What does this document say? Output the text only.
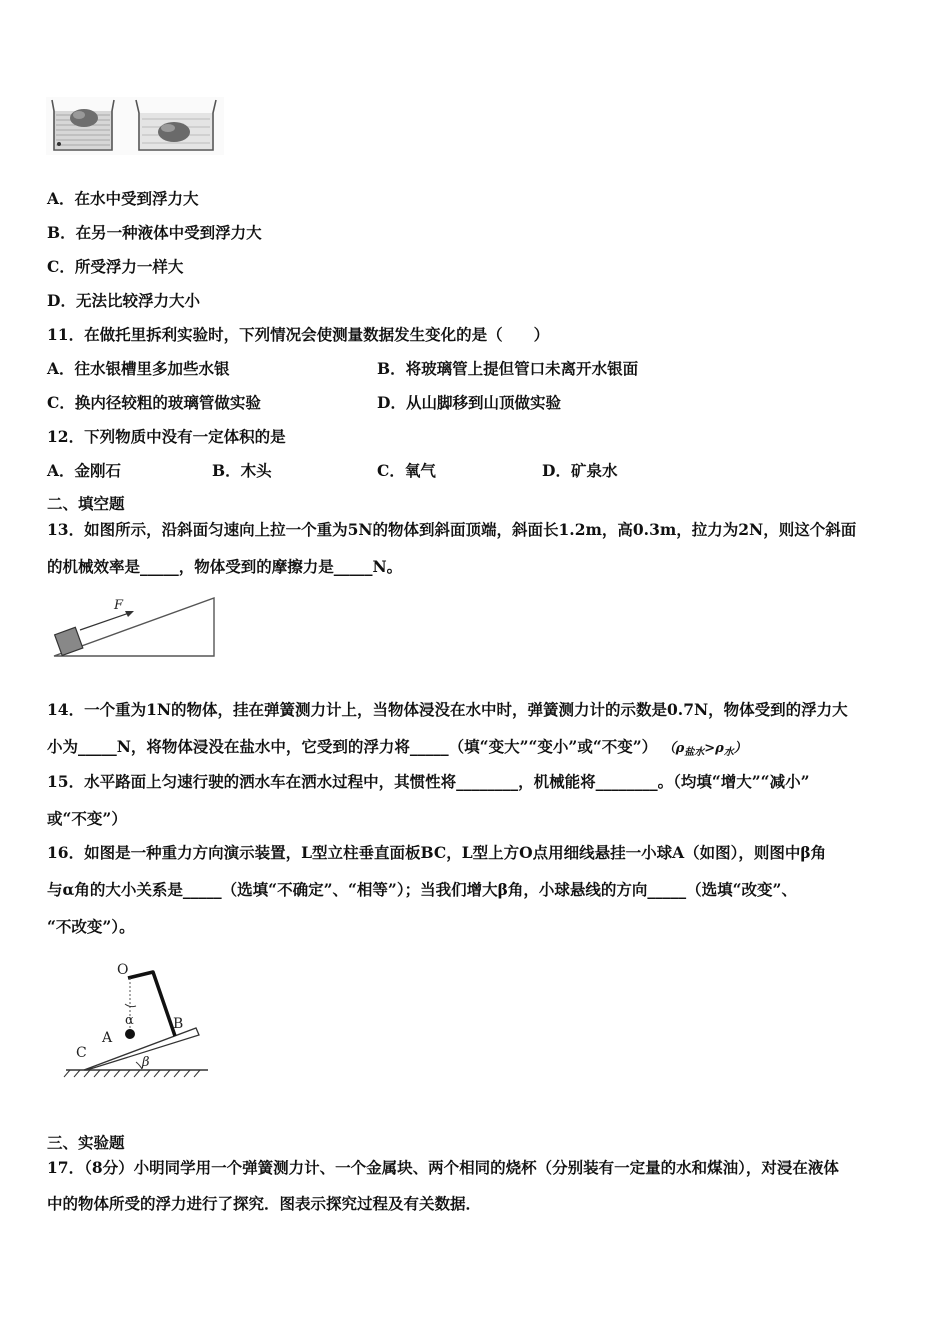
A．在水中受到浮力大
B．在另一种液体中受到浮力大
C．所受浮力一样大
D．无法比较浮力大小
11．在做托里拆利实验时，下列情况会使测量数据发生变化的是（　　）
A．往水银槽里多加些水银	B．将玻璃管上提但管口未离开水银面
C．换内径较粗的玻璃管做实验	D．从山脚移到山顶做实验
12．下列物质中没有一定体积的是
A．金刚石	B．木头	C．氧气	D．矿泉水
二、填空题
13．如图所示，沿斜面匀速向上拉一个重为5N的物体到斜面顶端，斜面长1.2m，高0.3m，拉力为2N，则这个斜面
的机械效率是_____，物体受到的摩擦力是_____N。
F
14．一个重为1N的物体，挂在弹簧测力计上，当物体浸没在水中时，弹簧测力计的示数是0.7N，物体受到的浮力大
小为_____N，将物体浸没在盐水中，它受到的浮力将_____（填“变大”“变小”或“不变”） $(\rho_{盐水}>\rho_水)$
15．水平路面上匀速行驶的洒水车在洒水过程中，其惯性将________，机械能将________。（均填“增大”“减小”
或“不变”）
16．如图是一种重力方向演示装置，L型立柱垂直面板BC，L型上方O点用细线悬挂一小球A（如图），则图中β角
与α角的大小关系是_____（选填“不确定”、“相等”）；当我们增大β角，小球悬线的方向_____（选填“改变”、
“不改变”）。
O
α
A
B
C
β
三、实验题
17．（8分）小明同学用一个弹簧测力计、一个金属块、两个相同的烧杯（分别装有一定量的水和煤油），对浸在液体
中的物体所受的浮力进行了探究．图表示探究过程及有关数据．
